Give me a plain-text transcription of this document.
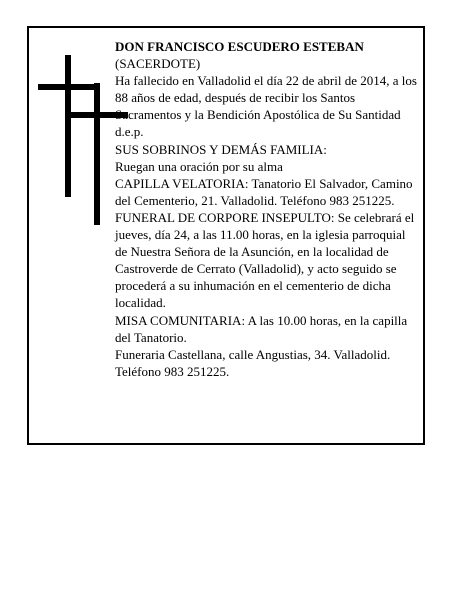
DON FRANCISCO ESCUDERO ESTEBAN

(SACERDOTE)

Ha fallecido en Valladolid el día 22 de abril de 2014, a los 88 años de edad, después de recibir los Santos Sacramentos y la Bendición Apostólica de Su Santidad d.e.p.

SUS SOBRINOS Y DEMÁS FAMILIA:

Ruegan una oración por su alma

CAPILLA VELATORIA: Tanatorio El Salvador, Camino del Cementerio, 21. Valladolid. Teléfono 983 251225.

FUNERAL DE CORPORE INSEPULTO: Se celebrará el jueves, día 24, a las 11.00 horas, en la iglesia parroquial de Nuestra Señora de la Asunción, en la localidad de Castroverde de Cerrato (Valladolid), y acto seguido se procederá a su inhumación en el cementerio de dicha localidad.

MISA COMUNITARIA: A las 10.00 horas, en la capilla del Tanatorio.

Funeraria Castellana, calle Angustias, 34. Valladolid. Teléfono 983 251225.
